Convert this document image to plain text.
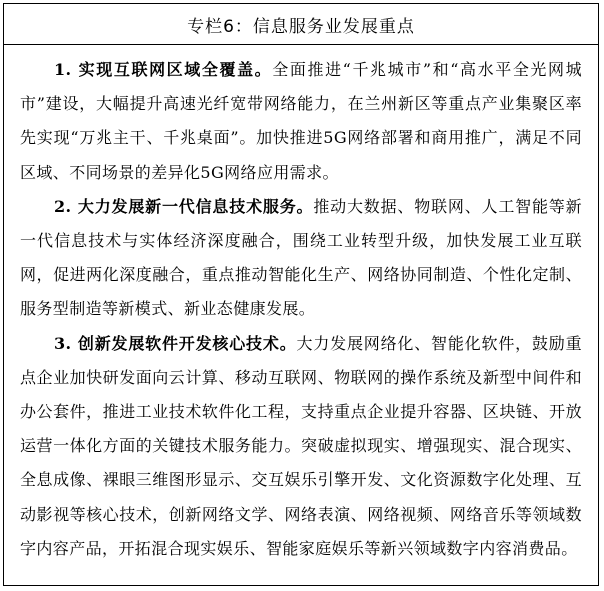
专栏6：信息服务业发展重点

1. 实现互联网区域全覆盖。全面推进“千兆城市”和“高水平全光网城市”建设，大幅提升高速光纤宽带网络能力，在兰州新区等重点产业集聚区率先实现“万兆主干、千兆桌面”。加快推进5G网络部署和商用推广，满足不同区域、不同场景的差异化5G网络应用需求。

2. 大力发展新一代信息技术服务。推动大数据、物联网、人工智能等新一代信息技术与实体经济深度融合，围绕工业转型升级，加快发展工业互联网，促进两化深度融合，重点推动智能化生产、网络协同制造、个性化定制、服务型制造等新模式、新业态健康发展。

3. 创新发展软件开发核心技术。大力发展网络化、智能化软件，鼓励重点企业加快研发面向云计算、移动互联网、物联网的操作系统及新型中间件和办公套件，推进工业技术软件化工程，支持重点企业提升容器、区块链、开放运营一体化方面的关键技术服务能力。突破虚拟现实、增强现实、混合现实、全息成像、裸眼三维图形显示、交互娱乐引擎开发、文化资源数字化处理、互动影视等核心技术，创新网络文学、网络表演、网络视频、网络音乐等领域数字内容产品，开拓混合现实娱乐、智能家庭娱乐等新兴领域数字内容消费品。
